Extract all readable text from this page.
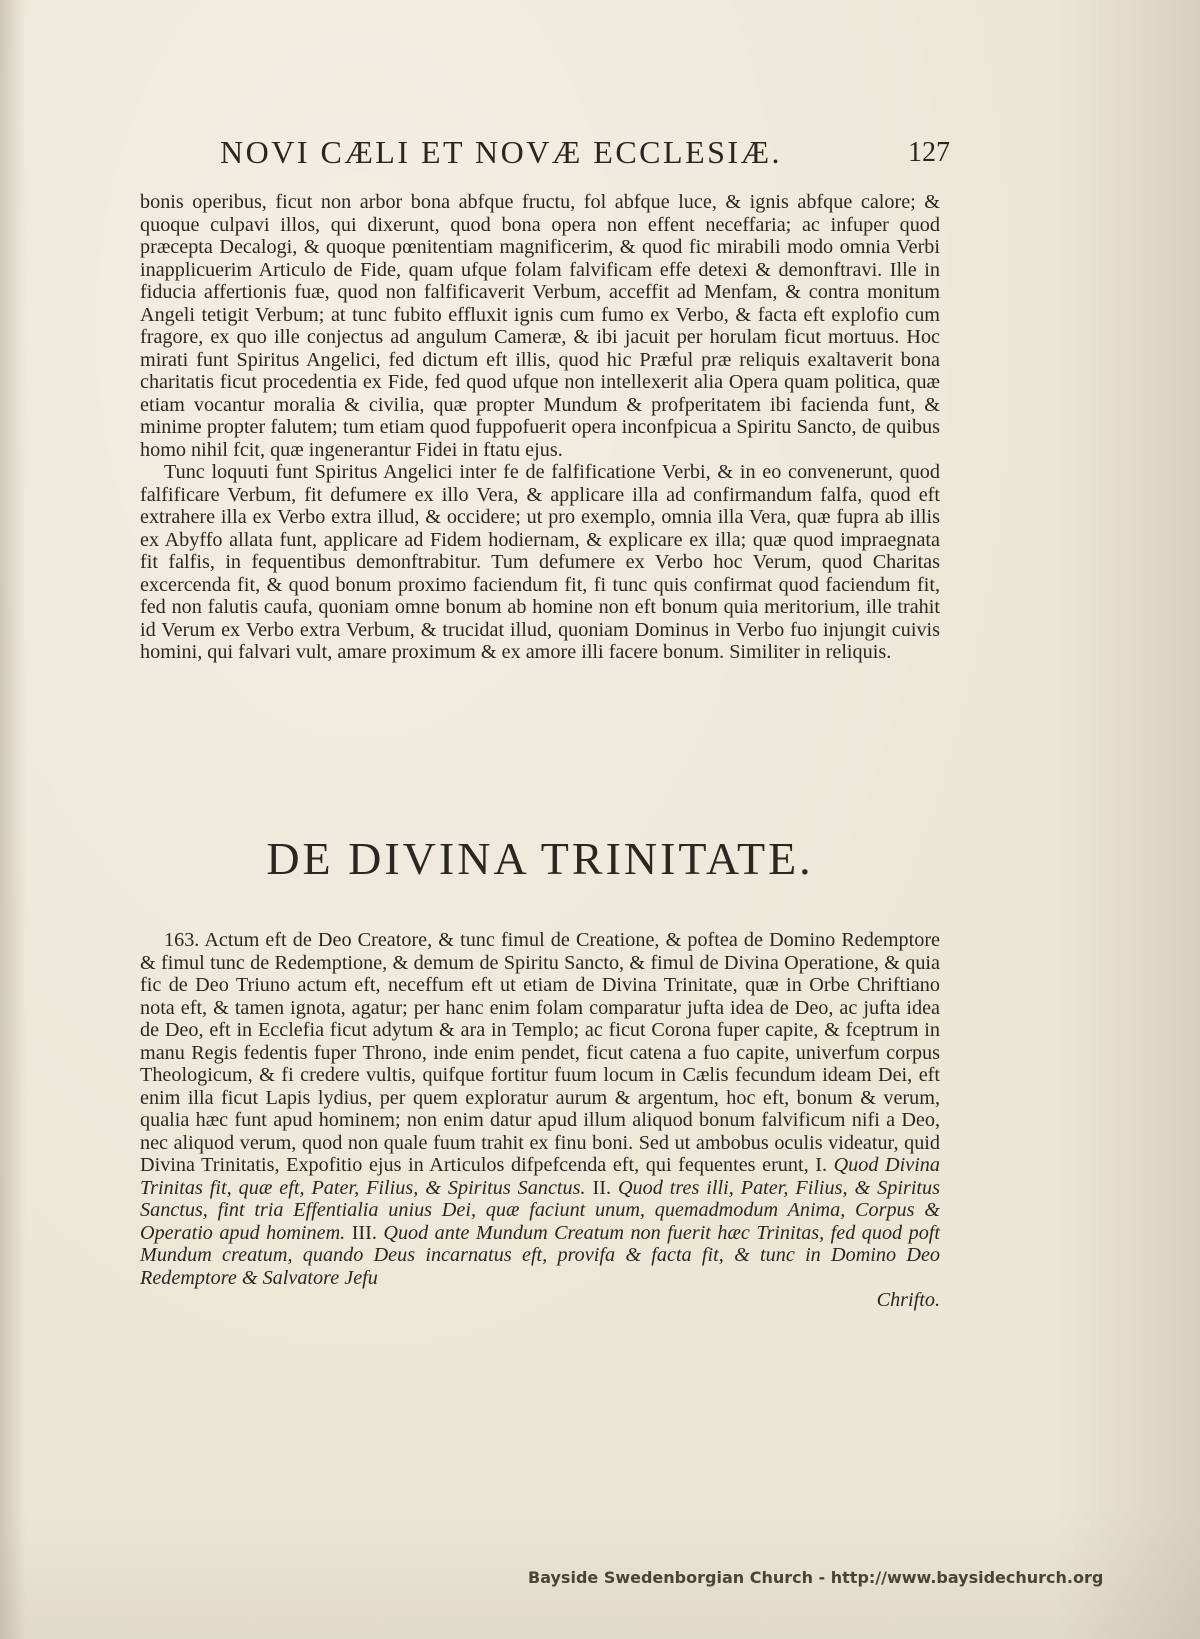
NOVI CÆLI ET NOVÆ ECCLESIÆ.	127

bonis operibus, ficut non arbor bona abfque fructu, fol abfque luce, & ignis abfque calore; & quoque culpavi illos, qui dixerunt, quod bona opera non effent neceffaria; ac infuper quod præcepta Decalogi, & quoque pœnitentiam magnificerim, & quod fic mirabili modo omnia Verbi inapplicuerim Articulo de Fide, quam ufque folam falvificam effe detexi & demonftravi. Ille in fiducia affertionis fuæ, quod non falfificaverit Verbum, acceffit ad Menfam, & contra monitum Angeli tetigit Verbum; at tunc fubito effluxit ignis cum fumo ex Verbo, & facta eft explofio cum fragore, ex quo ille conjectus ad angulum Cameræ, & ibi jacuit per horulam ficut mortuus. Hoc mirati funt Spiritus Angelici, fed dictum eft illis, quod hic Præful præ reliquis exaltaverit bona charitatis ficut procedentia ex Fide, fed quod ufque non intellexerit alia Opera quam politica, quæ etiam vocantur moralia & civilia, quæ propter Mundum & profperitatem ibi facienda funt, & minime propter falutem; tum etiam quod fuppofuerit opera inconfpicua a Spiritu Sancto, de quibus homo nihil fcit, quæ ingenerantur Fidei in ftatu ejus.

Tunc loquuti funt Spiritus Angelici inter fe de falfificatione Verbi, & in eo convenerunt, quod falfificare Verbum, fit defumere ex illo Vera, & applicare illa ad confirmandum falfa, quod eft extrahere illa ex Verbo extra illud, & occidere; ut pro exemplo, omnia illa Vera, quæ fupra ab illis ex Abyffo allata funt, applicare ad Fidem hodiernam, & explicare ex illa; quæ quod impraegnata fit falfis, in fequentibus demonftrabitur. Tum defumere ex Verbo hoc Verum, quod Charitas excercenda fit, & quod bonum proximo faciendum fit, fi tunc quis confirmat quod faciendum fit, fed non falutis caufa, quoniam omne bonum ab homine non eft bonum quia meritorium, ille trahit id Verum ex Verbo extra Verbum, & trucidat illud, quoniam Dominus in Verbo fuo injungit cuivis homini, qui falvari vult, amare proximum & ex amore illi facere bonum. Similiter in reliquis.

DE DIVINA TRINITATE.

163. Actum eft de Deo Creatore, & tunc fimul de Creatione, & poftea de Domino Redemptore & fimul tunc de Redemptione, & demum de Spiritu Sancto, & fimul de Divina Operatione, & quia fic de Deo Triuno actum eft, neceffum eft ut etiam de Divina Trinitate, quæ in Orbe Chriftiano nota eft, & tamen ignota, agatur; per hanc enim folam comparatur jufta idea de Deo, ac jufta idea de Deo, eft in Ecclefia ficut adytum & ara in Templo; ac ficut Corona fuper capite, & fceptrum in manu Regis fedentis fuper Throno, inde enim pendet, ficut catena a fuo capite, univerfum corpus Theologicum, & fi credere vultis, quifque fortitur fuum locum in Cælis fecundum ideam Dei, eft enim illa ficut Lapis lydius, per quem exploratur aurum & argentum, hoc eft, bonum & verum, qualia hæc funt apud hominem; non enim datur apud illum aliquod bonum falvificum nifi a Deo, nec aliquod verum, quod non quale fuum trahit ex finu boni. Sed ut ambobus oculis videatur, quid Divina Trinitatis, Expofitio ejus in Articulos difpefcenda eft, qui fequentes erunt, I. Quod Divina Trinitas fit, quæ eft, Pater, Filius, & Spiritus Sanctus. II. Quod tres illi, Pater, Filius, & Spiritus Sanctus, fint tria Effentialia unius Dei, quæ faciunt unum, quemadmodum Anima, Corpus & Operatio apud hominem. III. Quod ante Mundum Creatum non fuerit hæc Trinitas, fed quod poft Mundum creatum, quando Deus incarnatus eft, provifa & facta fit, & tunc in Domino Deo Redemptore & Salvatore Jefu

Chrifto.

Bayside Swedenborgian Church - http://www.baysidechurch.org
